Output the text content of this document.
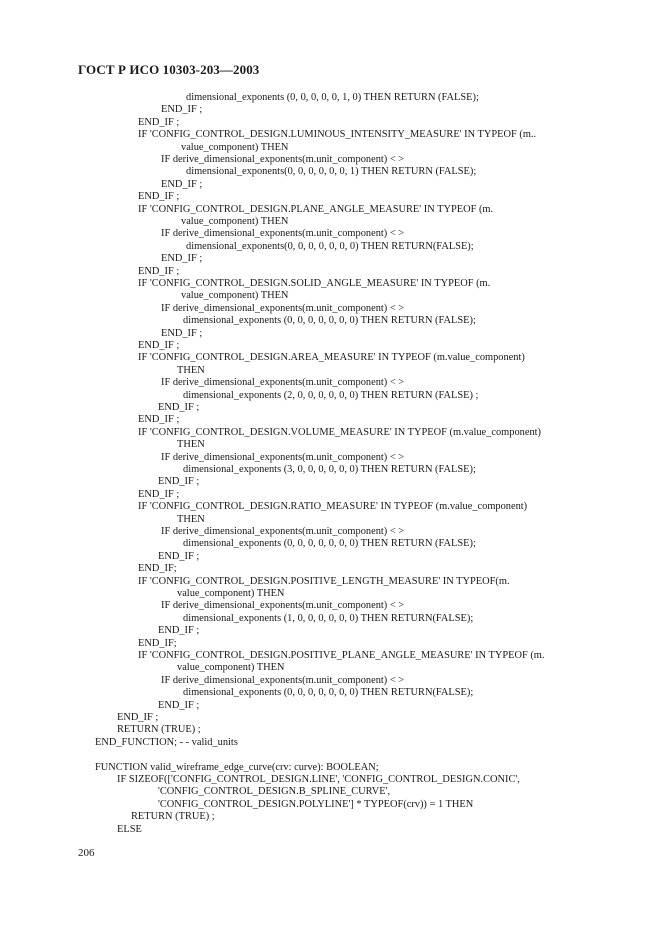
ГОСТ Р ИСО 10303-203—2003
dimensional_exponents (0, 0, 0, 0, 0, 1, 0) THEN RETURN (FALSE);
END_IF ;
END_IF ;
IF 'CONFIG_CONTROL_DESIGN.LUMINOUS_INTENSITY_MEASURE' IN TYPEOF (m..
value_component) THEN
IF derive_dimensional_exponents(m.unit_component) < >
dimensional_exponents(0, 0, 0, 0, 0, 0, 1) THEN RETURN (FALSE);
END_IF ;
END_IF ;
IF 'CONFIG_CONTROL_DESIGN.PLANE_ANGLE_MEASURE' IN TYPEOF (m.
value_component) THEN
IF derive_dimensional_exponents(m.unit_component) < >
dimensional_exponents(0, 0, 0, 0, 0, 0, 0) THEN RETURN(FALSE);
END_IF ;
END_IF ;
IF 'CONFIG_CONTROL_DESIGN.SOLID_ANGLE_MEASURE' IN TYPEOF (m.
value_component) THEN
IF derive_dimensional_exponents(m.unit_component) < >
dimensional_exponents (0, 0, 0, 0, 0, 0, 0) THEN RETURN (FALSE);
END_IF ;
END_IF ;
IF 'CONFIG_CONTROL_DESIGN.AREA_MEASURE' IN TYPEOF (m.value_component)
THEN
IF derive_dimensional_exponents(m.unit_component) < >
dimensional_exponents (2, 0, 0, 0, 0, 0, 0) THEN RETURN (FALSE) ;
END_IF ;
END_IF ;
IF 'CONFIG_CONTROL_DESIGN.VOLUME_MEASURE' IN TYPEOF (m.value_component)
THEN
IF derive_dimensional_exponents(m.unit_component) < >
dimensional_exponents (3, 0, 0, 0, 0, 0, 0) THEN RETURN (FALSE);
END_IF ;
END_IF ;
IF 'CONFIG_CONTROL_DESIGN.RATIO_MEASURE' IN TYPEOF (m.value_component)
THEN
IF derive_dimensional_exponents(m.unit_component) < >
dimensional_exponents (0, 0, 0, 0, 0, 0, 0) THEN RETURN (FALSE);
END_IF ;
END_IF;
IF 'CONFIG_CONTROL_DESIGN.POSITIVE_LENGTH_MEASURE' IN TYPEOF(m.
value_component) THEN
IF derive_dimensional_exponents(m.unit_component) < >
dimensional_exponents (1, 0, 0, 0, 0, 0, 0) THEN RETURN(FALSE);
END_IF ;
END_IF;
IF 'CONFIG_CONTROL_DESIGN.POSITIVE_PLANE_ANGLE_MEASURE' IN TYPEOF (m.
value_component) THEN
IF derive_dimensional_exponents(m.unit_component) < >
dimensional_exponents (0, 0, 0, 0, 0, 0, 0) THEN RETURN(FALSE);
END_IF ;
END_IF ;
RETURN (TRUE) ;
END_FUNCTION; - - valid_units
FUNCTION valid_wireframe_edge_curve(crv: curve): BOOLEAN;
IF SIZEOF(['CONFIG_CONTROL_DESIGN.LINE', 'CONFIG_CONTROL_DESIGN.CONIC',
'CONFIG_CONTROL_DESIGN.B_SPLINE_CURVE',
'CONFIG_CONTROL_DESIGN.POLYLINE'] * TYPEOF(crv)) = 1 THEN
RETURN (TRUE) ;
ELSE
206
